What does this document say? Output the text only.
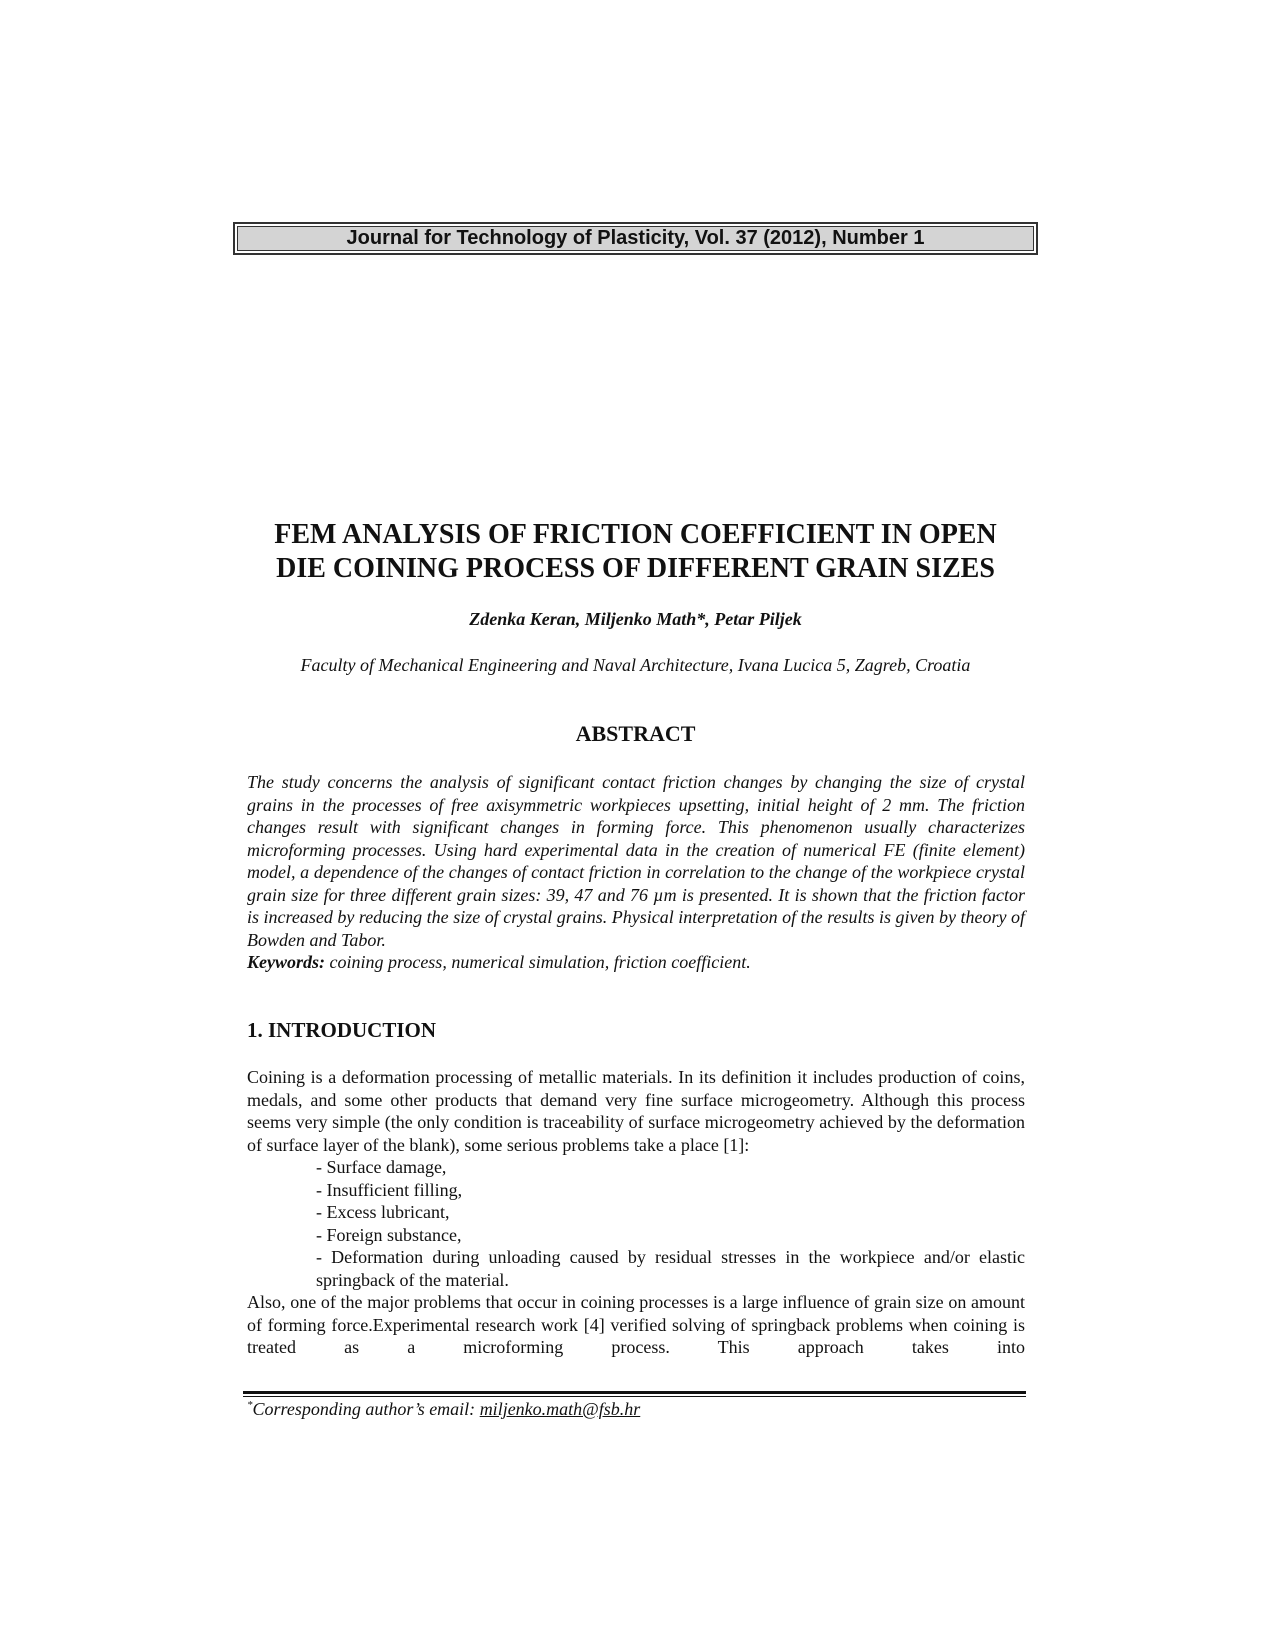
Journal for Technology of Plasticity, Vol. 37 (2012), Number 1
FEM ANALYSIS OF FRICTION COEFFICIENT IN OPEN
DIE COINING PROCESS OF DIFFERENT GRAIN SIZES
Zdenka Keran, Miljenko Math*, Petar Piljek
Faculty of Mechanical Engineering and Naval Architecture, Ivana Lucica 5, Zagreb, Croatia
ABSTRACT

The study concerns the analysis of significant contact friction changes by changing the size of crystal grains in the processes of free axisymmetric workpieces upsetting, initial height of 2 mm. The friction changes result with significant changes in forming force. This phenomenon usually characterizes microforming processes. Using hard experimental data in the creation of numerical FE (finite element) model, a dependence of the changes of contact friction in correlation to the change of the workpiece crystal grain size for three different grain sizes: 39, 47 and 76 µm is presented. It is shown that the friction factor is increased by reducing the size of crystal grains. Physical interpretation of the results is given by theory of Bowden and Tabor.

Keywords: coining process, numerical simulation, friction coefficient.

1. INTRODUCTION

Coining is a deformation processing of metallic materials. In its definition it includes production of coins, medals, and some other products that demand very fine surface microgeometry. Although this process seems very simple (the only condition is traceability of surface microgeometry achieved by the deformation of surface layer of the blank), some serious problems take a place [1]:

- Surface damage,
- Insufficient filling,
- Excess lubricant,
- Foreign substance,
- Deformation during unloading caused by residual stresses in the workpiece and/or elastic springback of the material.

Also, one of the major problems that occur in coining processes is a large influence of grain size on amount of forming force.Experimental research work [4] verified solving of springback problems when coining is treated as a microforming process. This approach takes into

*Corresponding author’s email: miljenko.math@fsb.hr
